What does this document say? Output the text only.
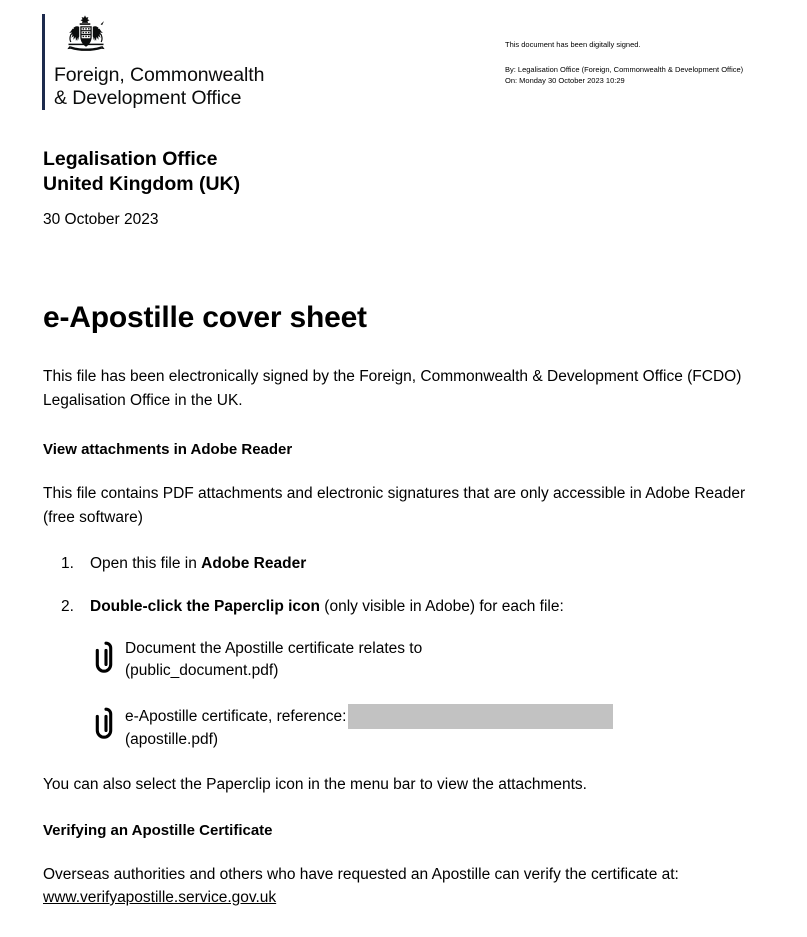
Foreign, Commonwealth
& Development Office
This document has been digitally signed.
By: Legalisation Office (Foreign, Commonwealth & Development Office)
On: Monday 30 October 2023 10:29
Legalisation Office
United Kingdom (UK)
30 October 2023
e-Apostille cover sheet

This file has been electronically signed by the Foreign, Commonwealth & Development Office (FCDO) Legalisation Office in the UK.

View attachments in Adobe Reader

This file contains PDF attachments and electronic signatures that are only accessible in Adobe Reader (free software)

1. Open this file in Adobe Reader
2. Double-click the Paperclip icon (only visible in Adobe) for each file:
Document the Apostille certificate relates to
(public_document.pdf)
e-Apostille certificate, reference:
(apostille.pdf)

You can also select the Paperclip icon in the menu bar to view the attachments.

Verifying an Apostille Certificate

Overseas authorities and others who have requested an Apostille can verify the certificate at: www.verifyapostille.service.gov.uk
